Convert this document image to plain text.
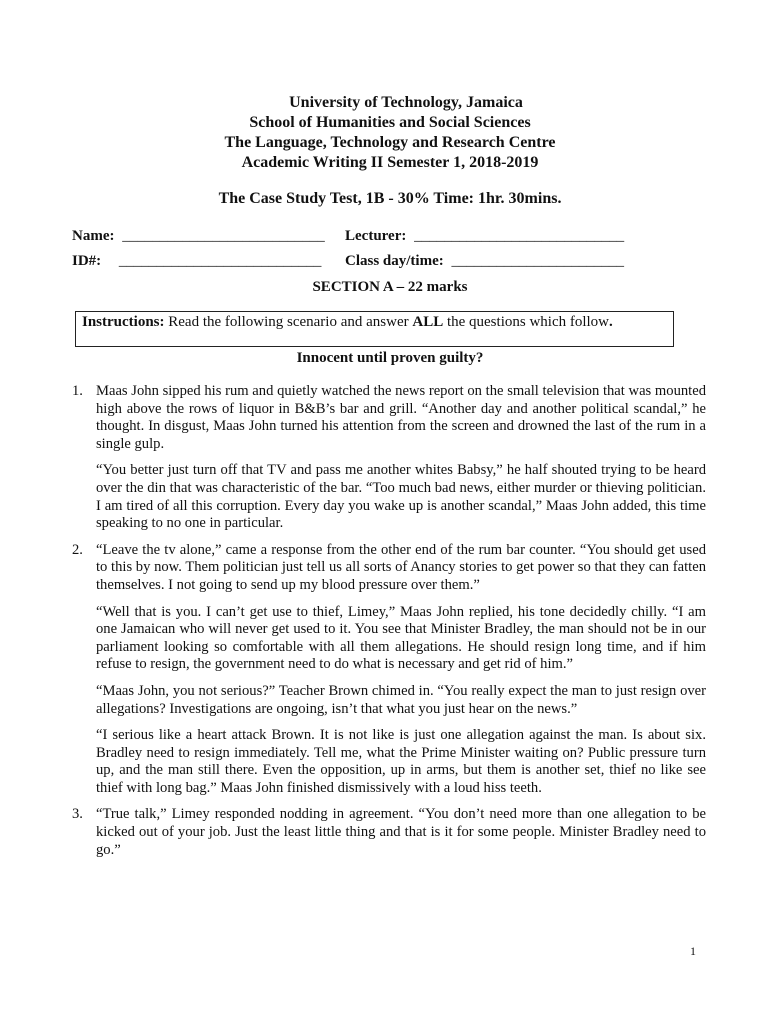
University of Technology, Jamaica
School of Humanities and Social Sciences
The Language, Technology and Research Centre
Academic Writing II Semester 1, 2018-2019
The Case Study Test, 1B - 30% Time: 1hr. 30mins.
Name: ___________________________ Lecturer: ____________________________
ID#: ___________________________ Class day/time: _______________________
SECTION A – 22 marks
Instructions: Read the following scenario and answer ALL the questions which follow.
Innocent until proven guilty?
1. Maas John sipped his rum and quietly watched the news report on the small television that was mounted high above the rows of liquor in B&B’s bar and grill. “Another day and another political scandal,” he thought. In disgust, Maas John turned his attention from the screen and drowned the last of the rum in a single gulp.

“You better just turn off that TV and pass me another whites Babsy,” he half shouted trying to be heard over the din that was characteristic of the bar. “Too much bad news, either murder or thieving politician. I am tired of all this corruption. Every day you wake up is another scandal,” Maas John added, this time speaking to no one in particular.

2. “Leave the tv alone,” came a response from the other end of the rum bar counter. “You should get used to this by now. Them politician just tell us all sorts of Anancy stories to get power so that they can fatten themselves. I not going to send up my blood pressure over them.”

“Well that is you. I can’t get use to thief, Limey,” Maas John replied, his tone decidedly chilly. “I am one Jamaican who will never get used to it. You see that Minister Bradley, the man should not be in our parliament looking so comfortable with all them allegations. He should resign long time, and if him refuse to resign, the government need to do what is necessary and get rid of him.”

“Maas John, you not serious?” Teacher Brown chimed in. “You really expect the man to just resign over allegations? Investigations are ongoing, isn’t that what you just hear on the news.”

“I serious like a heart attack Brown. It is not like is just one allegation against the man. Is about six. Bradley need to resign immediately. Tell me, what the Prime Minister waiting on? Public pressure turn up, and the man still there. Even the opposition, up in arms, but them is another set, thief no like see thief with long bag.” Maas John finished dismissively with a loud hiss teeth.

3. “True talk,” Limey responded nodding in agreement. “You don’t need more than one allegation to be kicked out of your job. Just the least little thing and that is it for some people. Minister Bradley need to go.”

1
